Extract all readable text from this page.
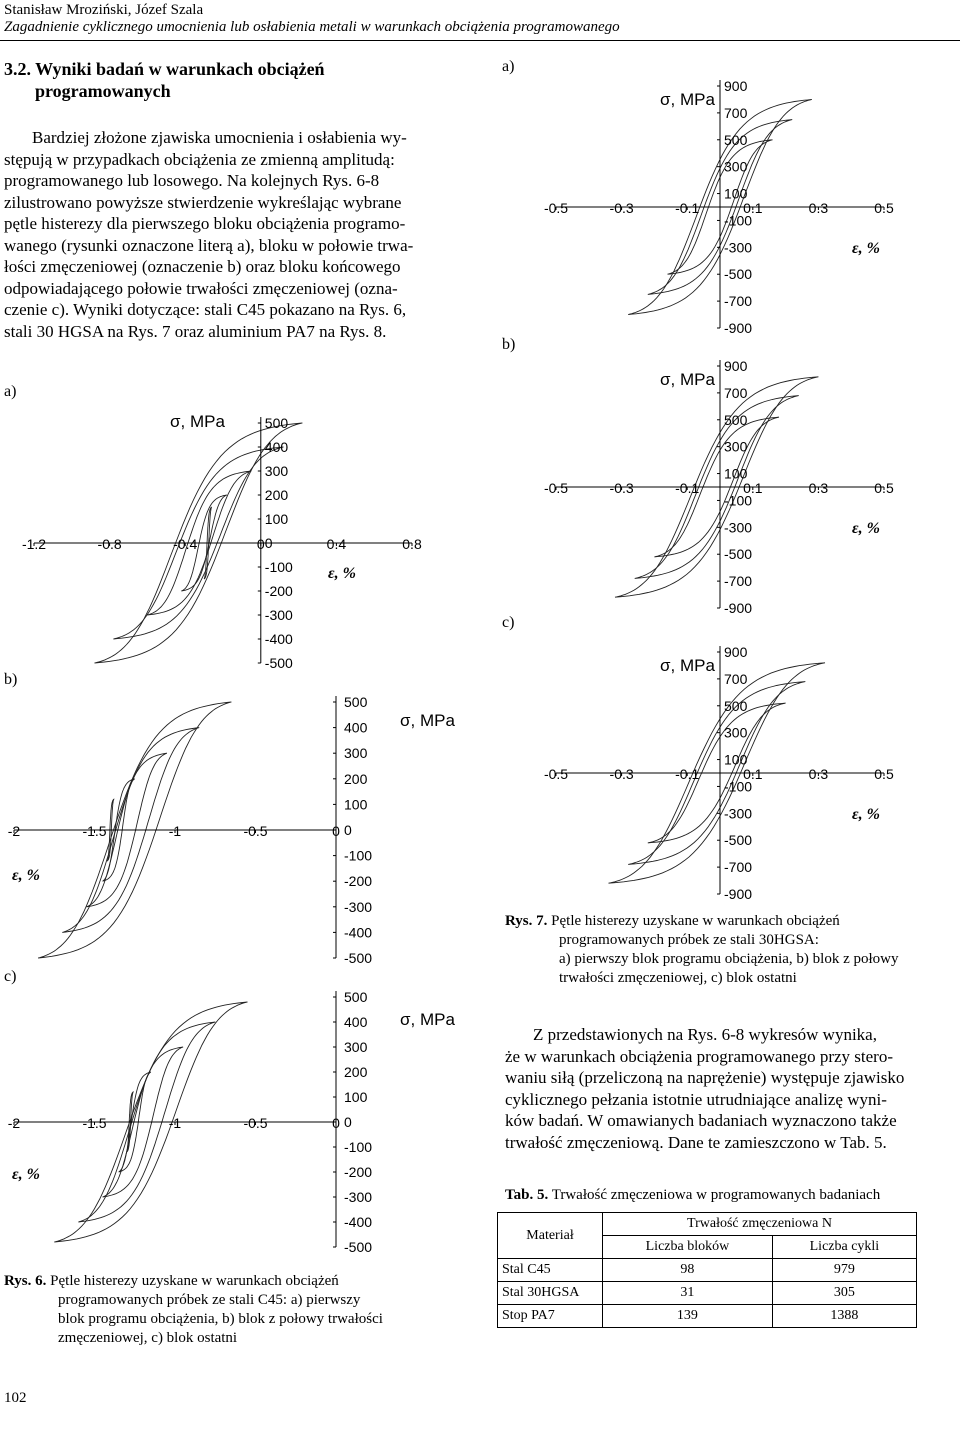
Stanisław Mroziński, Józef Szala
Zagadnienie cyklicznego umocnienia lub osłabienia metali w warunkach obciążenia programowanego
3.2. Wyniki badań w warunkach obciążeń
programowanych
Bardziej złożone zjawiska umocnienia i osłabienia wy-
stępują w przypadkach obciążenia ze zmienną amplitudą:
programowanego lub losowego. Na kolejnych Rys. 6-8
zilustrowano powyższe stwierdzenie wykreślając wybrane
pętle histerezy dla pierwszego bloku obciążenia programo-
wanego (rysunki oznaczone literą a), bloku w połowie trwa-
łości zmęczeniowej (oznaczenie b) oraz bloku końcowego
odpowiadającego połowie trwałości zmęczeniowej (ozna-
czenie c). Wyniki dotyczące: stali C45 pokazano na Rys. 6,
stali 30 HGSA na Rys. 7 oraz aluminium PA7 na Rys. 8.
a)
b)
c)
500
400
300
200
100
0
-100
-200
-300
-400
-500
-1.2	-0.8	-0.4	0	0.4	0.8
σ, MPa
ε, %
500
400
300
200
100
0
-100
-200
-300
-400
-500
-2	-1.5	-1	-0.5	0
σ, MPa
ε, %
500
400
300
200
100
0
-100
-200
-300
-400
-500
-2	-1.5	-1	-0.5	0
σ, MPa
ε, %
Rys. 6. Pętle histerezy uzyskane w warunkach obciążeń
programowanych próbek ze stali C45: a) pierwszy
blok programu obciążenia, b) blok z połowy trwałości
zmęczeniowej, c) blok ostatni
a)
b)
c)
900
700
500
300
100
-100
-300
-500
-700
-900
-0.5	-0.3	-0.1	0.1	0.3	0.5
σ, MPa
ε, %
900
700
500
300
100
-100
-300
-500
-700
-900
-0.5	-0.3	-0.1	0.1	0.3	0.5
σ, MPa
ε, %
900
700
500
300
100
-100
-300
-500
-700
-900
-0.5	-0.3	-0.1	0.1	0.3	0.5
σ, MPa
ε, %
Rys. 7. Pętle histerezy uzyskane w warunkach obciążeń
programowanych próbek ze stali 30HGSA:
a) pierwszy blok programu obciążenia, b) blok z połowy
trwałości zmęczeniowej, c) blok ostatni
Z przedstawionych na Rys. 6-8 wykresów wynika,
że w warunkach obciążenia programowanego przy stero-
waniu siłą (przeliczoną na naprężenie) występuje zjawisko
cyklicznego pełzania istotnie utrudniające analizę wyni-
ków badań. W omawianych badaniach wyznaczono także
trwałość zmęczeniową. Dane te zamieszczono w Tab. 5.
Tab. 5. Trwałość zmęczeniowa w programowanych badaniach
Materiał	Trwałość zmęczeniowa N	
	Liczba bloków	Liczba cykli
Stal C45	98	979
Stal 30HGSA	31	305
Stop PA7	139	1388
102
